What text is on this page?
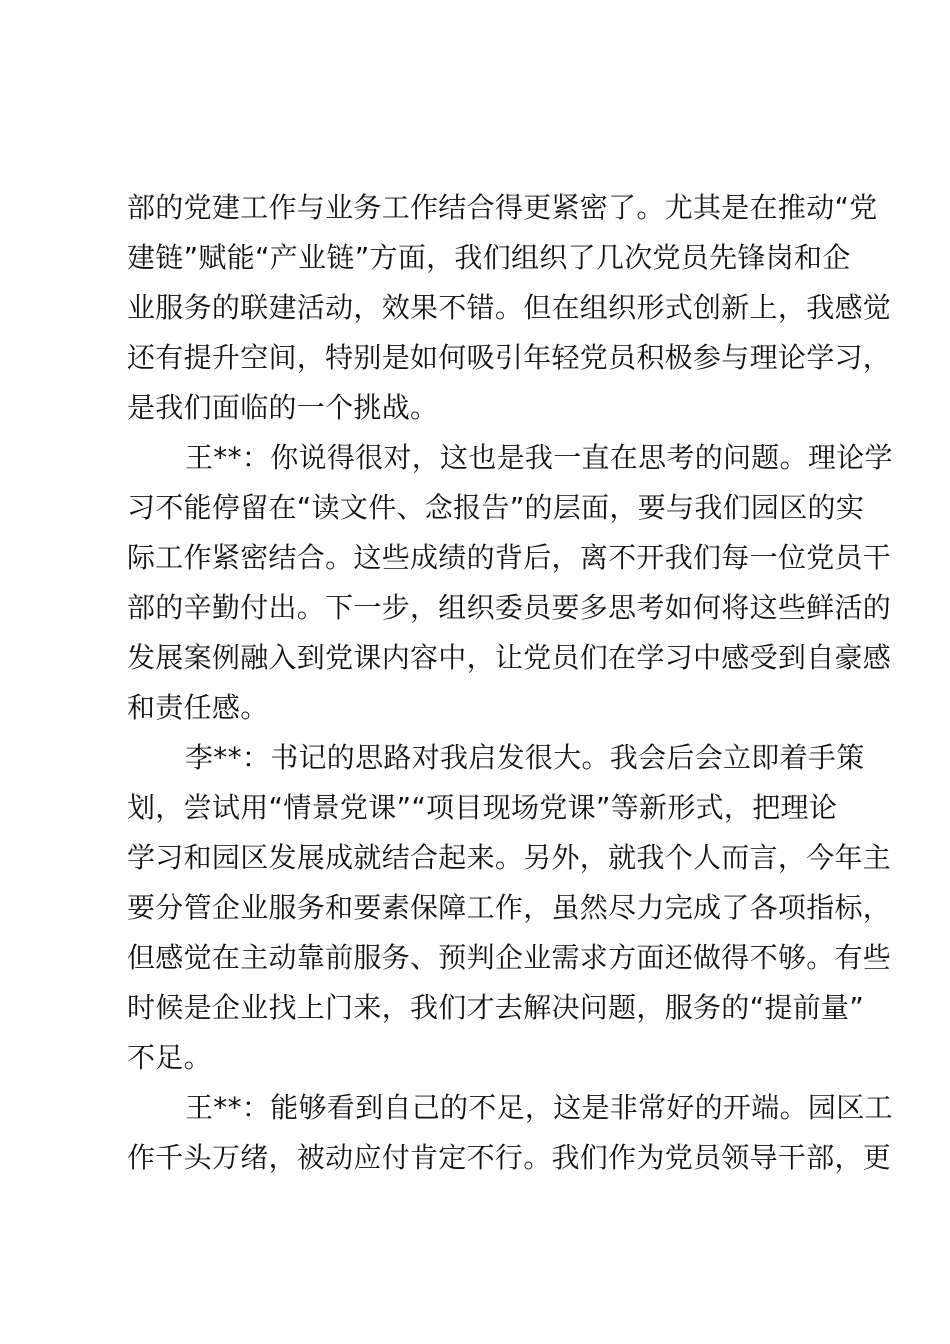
部的党建工作与业务工作结合得更紧密了。尤其是在推动“党
建链”赋能“产业链”方面，我们组织了几次党员先锋岗和企
业服务的联建活动，效果不错。但在组织形式创新上，我感觉
还有提升空间，特别是如何吸引年轻党员积极参与理论学习，
是我们面临的一个挑战。
王**：你说得很对，这也是我一直在思考的问题。理论学
习不能停留在“读文件、念报告”的层面，要与我们园区的实
际工作紧密结合。这些成绩的背后，离不开我们每一位党员干
部的辛勤付出。下一步，组织委员要多思考如何将这些鲜活的
发展案例融入到党课内容中，让党员们在学习中感受到自豪感
和责任感。
李**：书记的思路对我启发很大。我会后会立即着手策
划，尝试用“情景党课”“项目现场党课”等新形式，把理论
学习和园区发展成就结合起来。另外，就我个人而言，今年主
要分管企业服务和要素保障工作，虽然尽力完成了各项指标，
但感觉在主动靠前服务、预判企业需求方面还做得不够。有些
时候是企业找上门来，我们才去解决问题，服务的“提前量”
不足。
王**：能够看到自己的不足，这是非常好的开端。园区工
作千头万绪，被动应付肯定不行。我们作为党员领导干部，更
